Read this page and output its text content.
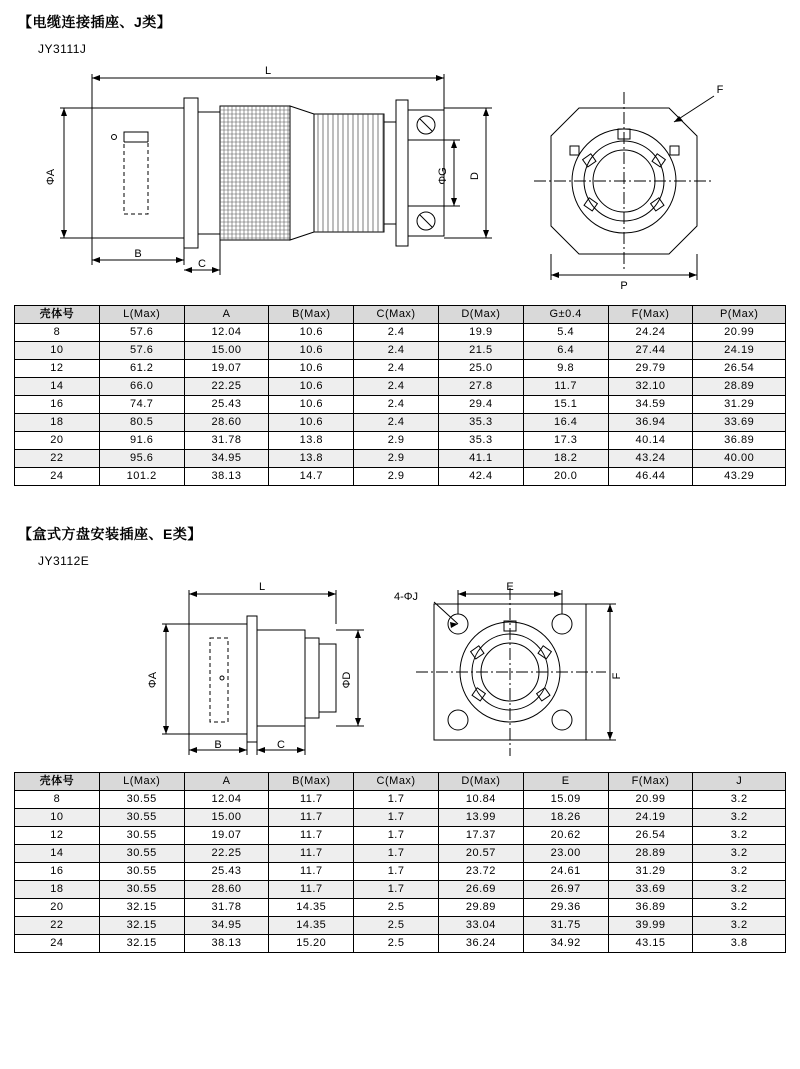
【电缆连接插座、J类】
JY3111J
L
ΦA
B
C
ΦG D
F
P
壳体号	L(Max)	A	B(Max)	C(Max)	D(Max)	G±0.4	F(Max)	P(Max)
8	57.6	12.04	10.6	2.4	19.9	5.4	24.24	20.99
10	57.6	15.00	10.6	2.4	21.5	6.4	27.44	24.19
12	61.2	19.07	10.6	2.4	25.0	9.8	29.79	26.54
14	66.0	22.25	10.6	2.4	27.8	11.7	32.10	28.89
16	74.7	25.43	10.6	2.4	29.4	15.1	34.59	31.29
18	80.5	28.60	10.6	2.4	35.3	16.4	36.94	33.69
20	91.6	31.78	13.8	2.9	35.3	17.3	40.14	36.89
22	95.6	34.95	13.8	2.9	41.1	18.2	43.24	40.00
24	101.2	38.13	14.7	2.9	42.4	20.0	46.44	43.29
【盒式方盘安装插座、E类】
JY3112E
L
ΦA	ΦD
B	C
E
F
4-ΦJ
壳体号	L(Max)	A	B(Max)	C(Max)	D(Max)	E	F(Max)	J
8	30.55	12.04	11.7	1.7	10.84	15.09	20.99	3.2
10	30.55	15.00	11.7	1.7	13.99	18.26	24.19	3.2
12	30.55	19.07	11.7	1.7	17.37	20.62	26.54	3.2
14	30.55	22.25	11.7	1.7	20.57	23.00	28.89	3.2
16	30.55	25.43	11.7	1.7	23.72	24.61	31.29	3.2
18	30.55	28.60	11.7	1.7	26.69	26.97	33.69	3.2
20	32.15	31.78	14.35	2.5	29.89	29.36	36.89	3.2
22	32.15	34.95	14.35	2.5	33.04	31.75	39.99	3.2
24	32.15	38.13	15.20	2.5	36.24	34.92	43.15	3.8
